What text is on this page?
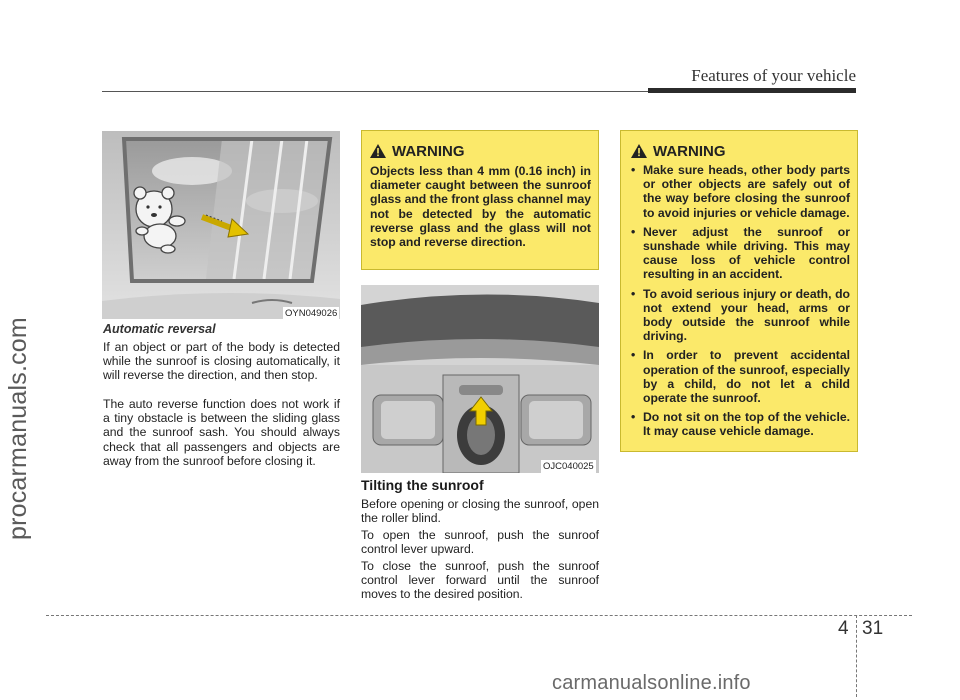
Features of your vehicle
procarmanuals.com
OYN049026
Automatic reversal
If an object or part of the body is detected while the sunroof is closing automatically, it will reverse the direction, and then stop.
The auto reverse function does not work if a tiny obstacle is between the sliding glass and the sunroof sash. You should always check that all passengers and objects are away from the sunroof before closing it.
WARNING
Objects less than 4 mm (0.16 inch) in diameter caught between the sunroof glass and the front glass channel may not be detected by the automatic reverse glass and the glass will not stop and reverse direction.
OJC040025
Tilting the sunroof
Before opening or closing the sunroof, open the roller blind.
To open the sunroof, push the sunroof control lever upward.
To close the sunroof, push the sunroof control lever forward until the sunroof moves to the desired position.
WARNING
• Make sure heads, other body parts or other objects are safely out of the way before closing the sunroof to avoid injuries or vehicle damage.
• Never adjust the sunroof or sunshade while driving. This may cause loss of vehicle control resulting in an accident.
• To avoid serious injury or death, do not extend your head, arms or body outside the sunroof while driving.
• In order to prevent accidental operation of the sunroof, especially by a child, do not let a child operate the sunroof.
• Do not sit on the top of the vehicle. It may cause vehicle damage.
4 31
carmanualsonline.info
